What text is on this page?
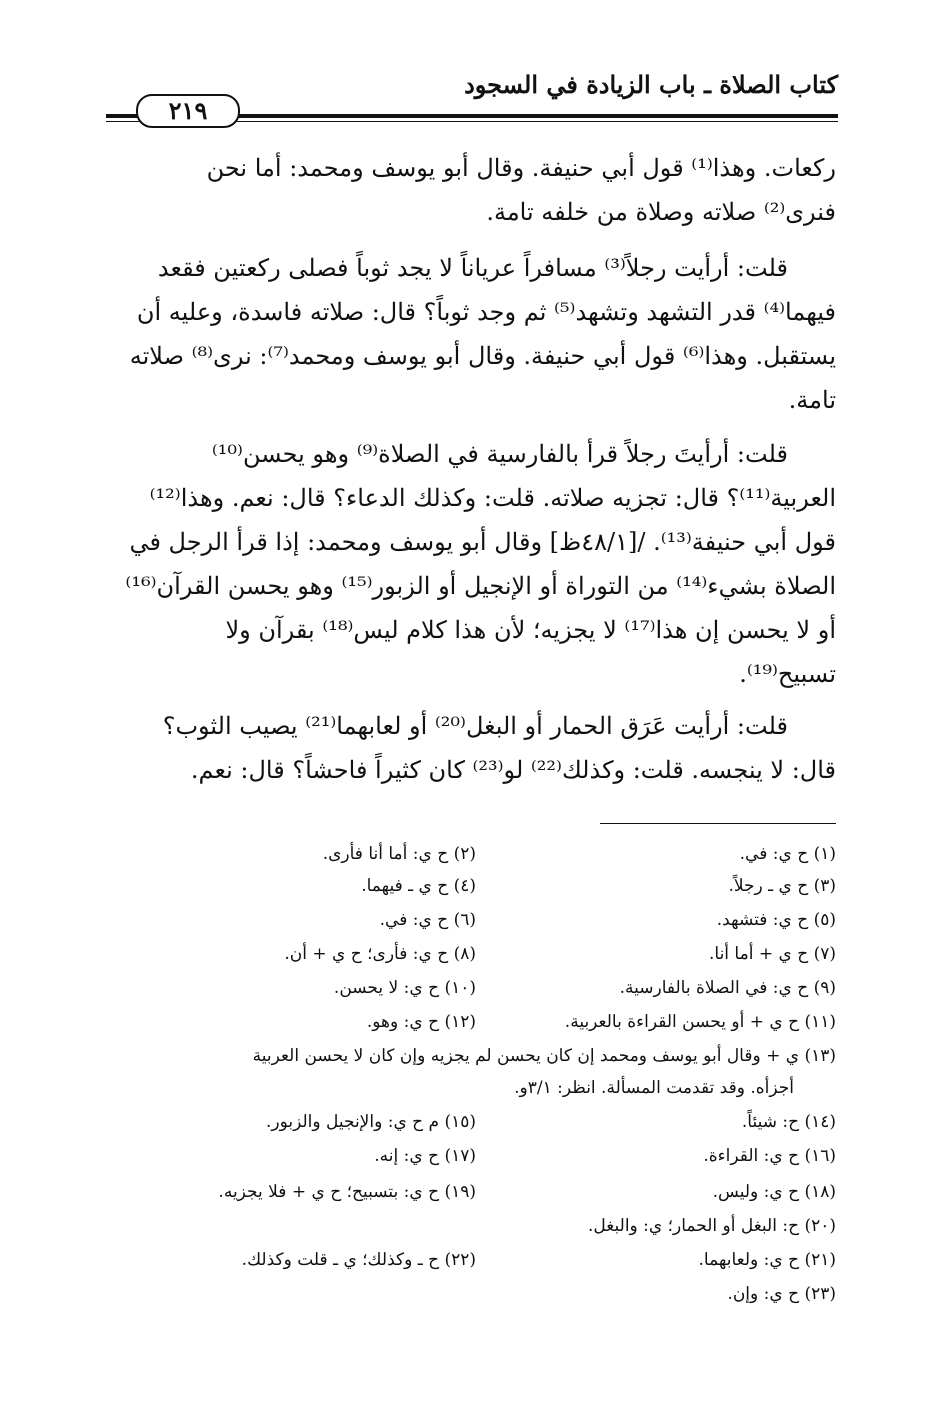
كتاب الصلاة ـ باب الزيادة في السجود
٢١٩
ركعات. وهذا⁽¹⁾ قول أبي حنيفة. وقال أبو يوسف ومحمد: أما نحن
فنرى⁽²⁾ صلاته وصلاة من خلفه تامة.
قلت: أرأيت رجلاً⁽³⁾ مسافراً عرياناً لا يجد ثوباً فصلى ركعتين فقعد
فيهما⁽⁴⁾ قدر التشهد وتشهد⁽⁵⁾ ثم وجد ثوباً؟ قال: صلاته فاسدة، وعليه أن
يستقبل. وهذا⁽⁶⁾ قول أبي حنيفة. وقال أبو يوسف ومحمد⁽⁷⁾: نرى⁽⁸⁾ صلاته
تامة.
قلت: أرأيتَ رجلاً قرأ بالفارسية في الصلاة⁽⁹⁾ وهو يحسن⁽¹⁰⁾
العربية⁽¹¹⁾؟ قال: تجزيه صلاته. قلت: وكذلك الدعاء؟ قال: نعم. وهذا⁽¹²⁾
قول أبي حنيفة⁽¹³⁾. /[٤٨/١ظ] وقال أبو يوسف ومحمد: إذا قرأ الرجل في
الصلاة بشيء⁽¹⁴⁾ من التوراة أو الإنجيل أو الزبور⁽¹⁵⁾ وهو يحسن القرآن⁽¹⁶⁾
أو لا يحسن إن هذا⁽¹⁷⁾ لا يجزيه؛ لأن هذا كلام ليس⁽¹⁸⁾ بقرآن ولا
تسبيح⁽¹⁹⁾.
قلت: أرأيت عَرَق الحمار أو البغل⁽²⁰⁾ أو لعابهما⁽²¹⁾ يصيب الثوب؟
قال: لا ينجسه. قلت: وكذلك⁽²²⁾ لو⁽²³⁾ كان كثيراً فاحشاً؟ قال: نعم.
(١) ح ي: في.
(٢) ح ي: أما أنا فأرى.
(٣) ح ي ـ رجلاً.
(٤) ح ي ـ فيهما.
(٥) ح ي: فتشهد.
(٦) ح ي: في.
(٧) ح ي + أما أنا.
(٨) ح ي: فأرى؛ ح ي + أن.
(٩) ح ي: في الصلاة بالفارسية.
(١٠) ح ي: لا يحسن.
(١١) ح ي + أو يحسن القراءة بالعربية.
(١٢) ح ي: وهو.
(١٣) ي + وقال أبو يوسف ومحمد إن كان يحسن لم يجزيه وإن كان لا يحسن العربية
أجزأه. وقد تقدمت المسألة. انظر: ٣/١و.
(١٤) ح: شيئاً.
(١٥) م ح ي: والإنجيل والزبور.
(١٦) ح ي: القراءة.
(١٧) ح ي: إنه.
(١٨) ح ي: وليس.
(١٩) ح ي: بتسبيح؛ ح ي + فلا يجزيه.
(٢٠) ح: البغل أو الحمار؛ ي: والبغل.
(٢١) ح ي: ولعابهما.
(٢٢) ح ـ وكذلك؛ ي ـ قلت وكذلك.
(٢٣) ح ي: وإن.
